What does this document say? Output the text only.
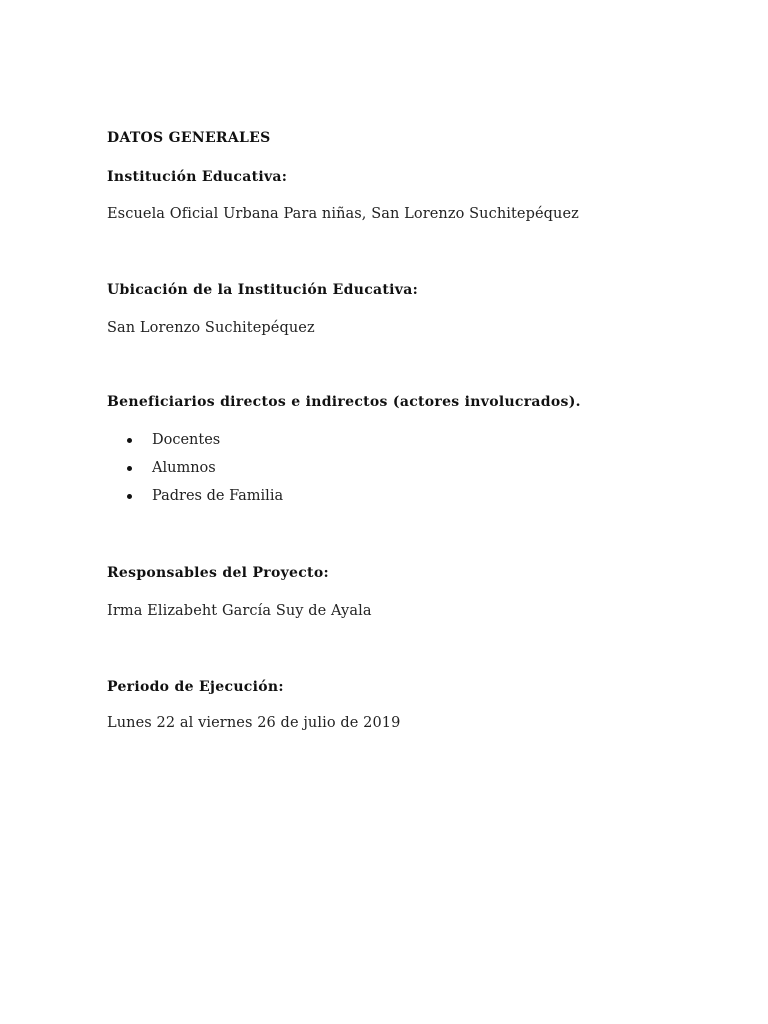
DATOS GENERALES

Institución Educativa:

Escuela Oficial Urbana Para niñas, San Lorenzo Suchitepéquez

Ubicación de la Institución Educativa:

San Lorenzo Suchitepéquez

Beneficiarios directos e indirectos (actores involucrados).

Docentes
Alumnos
Padres de Familia

Responsables del Proyecto:

Irma Elizabeht García Suy de Ayala

Periodo de Ejecución:

Lunes 22 al viernes 26 de julio de 2019
